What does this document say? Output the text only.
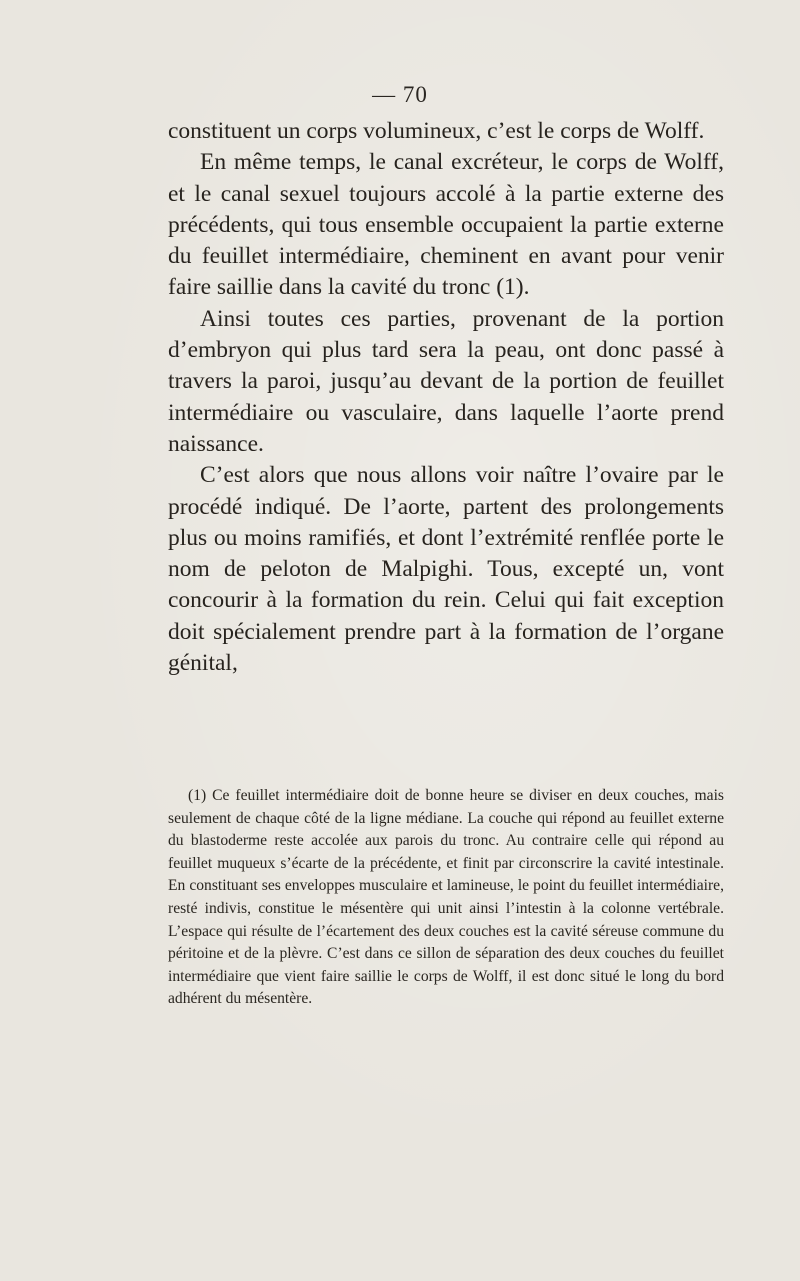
— 70

constituent un corps volumineux, c’est le corps de Wolff.

En même temps, le canal excréteur, le corps de Wolff, et le canal sexuel toujours accolé à la partie externe des précédents, qui tous ensemble occupaient la partie externe du feuillet intermédiaire, cheminent en avant pour venir faire saillie dans la cavité du tronc (1).

Ainsi toutes ces parties, provenant de la portion d’embryon qui plus tard sera la peau, ont donc passé à travers la paroi, jusqu’au devant de la portion de feuillet intermédiaire ou vasculaire, dans laquelle l’aorte prend naissance.

C’est alors que nous allons voir naître l’ovaire par le procédé indiqué. De l’aorte, partent des prolongements plus ou moins ramifiés, et dont l’extrémité renflée porte le nom de peloton de Malpighi. Tous, excepté un, vont concourir à la formation du rein. Celui qui fait exception doit spécialement prendre part à la formation de l’organe génital,

(1) Ce feuillet intermédiaire doit de bonne heure se diviser en deux couches, mais seulement de chaque côté de la ligne médiane. La couche qui répond au feuillet externe du blastoderme reste accolée aux parois du tronc. Au contraire celle qui répond au feuillet muqueux s’écarte de la précédente, et finit par circonscrire la cavité intestinale. En constituant ses enveloppes musculaire et lamineuse, le point du feuillet intermédiaire, resté indivis, constitue le mésentère qui unit ainsi l’intestin à la colonne vertébrale. L’espace qui résulte de l’écartement des deux couches est la cavité séreuse commune du péritoine et de la plèvre. C’est dans ce sillon de séparation des deux couches du feuillet intermédiaire que vient faire saillie le corps de Wolff, il est donc situé le long du bord adhérent du mésentère.
